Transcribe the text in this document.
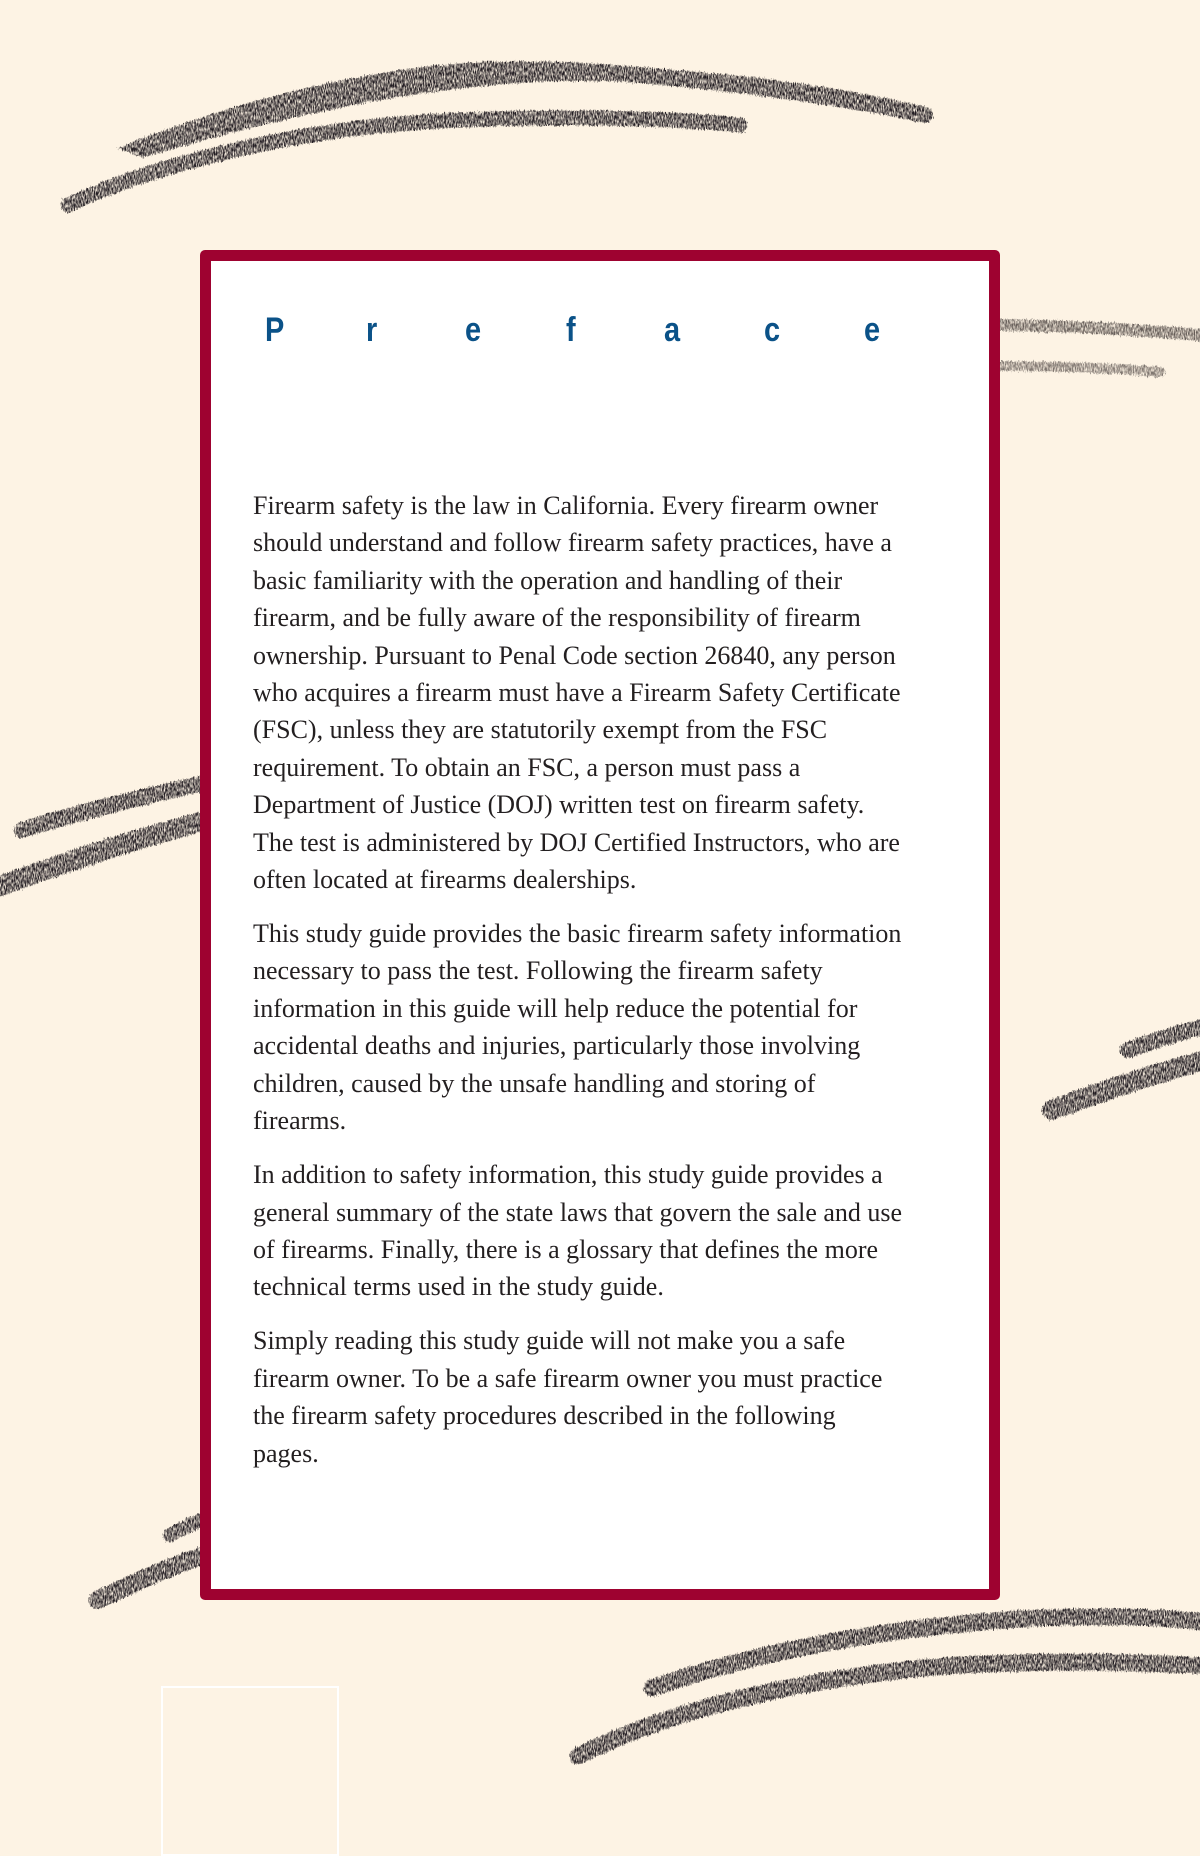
P r	e f	a c e

Firearm safety is the law in California. Every firearm owner
should understand and follow firearm safety practices, have a
basic familiarity with the operation and handling of their
firearm, and be fully aware of the responsibility of firearm
ownership. Pursuant to Penal Code section 26840, any person
who acquires a firearm must have a Firearm Safety Certificate
(FSC), unless they are statutorily exempt from the FSC
requirement. To obtain an FSC, a person must pass a
Department of Justice (DOJ) written test on firearm safety.
The test is administered by DOJ Certified Instructors, who are
often located at firearms dealerships.

This study guide provides the basic firearm safety information
necessary to pass the test. Following the firearm safety
information in this guide will help reduce the potential for
accidental deaths and injuries, particularly those involving
children, caused by the unsafe handling and storing of
firearms.

In addition to safety information, this study guide provides a
general summary of the state laws that govern the sale and use
of firearms. Finally, there is a glossary that defines the more
technical terms used in the study guide.

Simply reading this study guide will not make you a safe
firearm owner. To be a safe firearm owner you must practice
the firearm safety procedures described in the following
pages.
